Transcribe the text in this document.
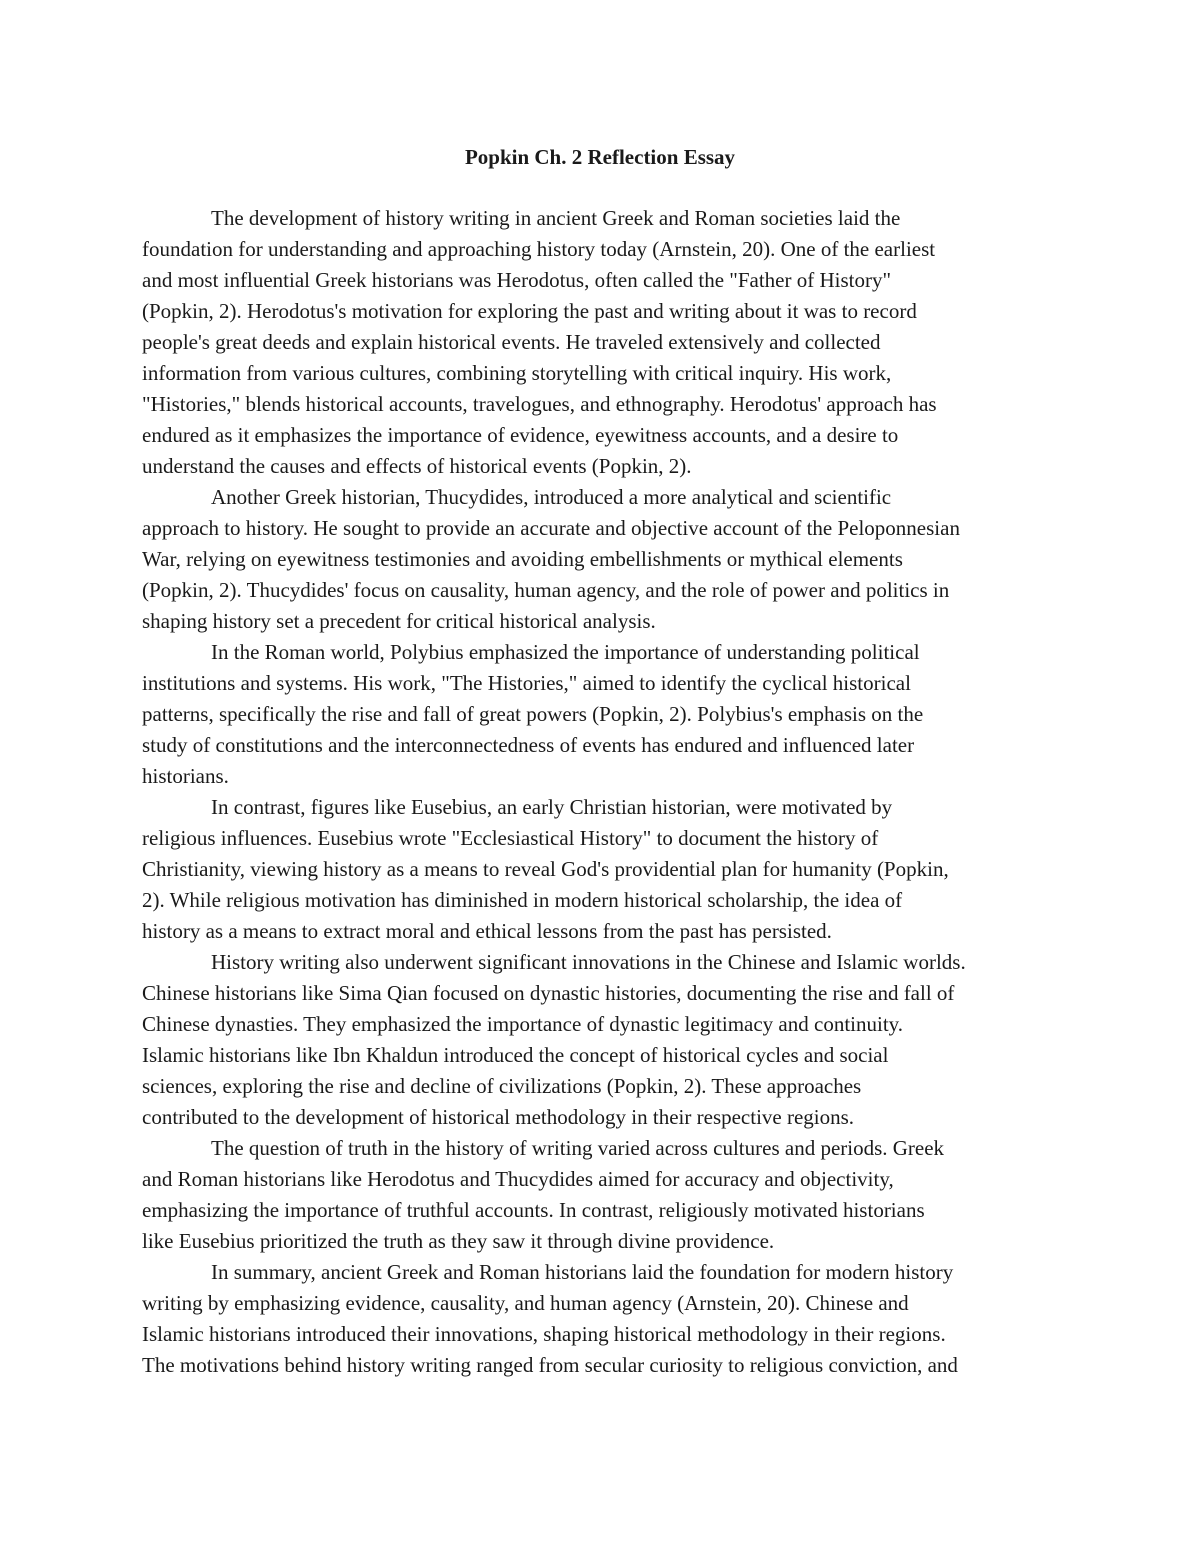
Popkin Ch. 2 Reflection Essay
The development of history writing in ancient Greek and Roman societies laid the
foundation for understanding and approaching history today (Arnstein, 20). One of the earliest
and most influential Greek historians was Herodotus, often called the "Father of History"
(Popkin, 2). Herodotus's motivation for exploring the past and writing about it was to record
people's great deeds and explain historical events. He traveled extensively and collected
information from various cultures, combining storytelling with critical inquiry. His work,
"Histories," blends historical accounts, travelogues, and ethnography. Herodotus' approach has
endured as it emphasizes the importance of evidence, eyewitness accounts, and a desire to
understand the causes and effects of historical events (Popkin, 2).
Another Greek historian, Thucydides, introduced a more analytical and scientific
approach to history. He sought to provide an accurate and objective account of the Peloponnesian
War, relying on eyewitness testimonies and avoiding embellishments or mythical elements
(Popkin, 2). Thucydides' focus on causality, human agency, and the role of power and politics in
shaping history set a precedent for critical historical analysis.
In the Roman world, Polybius emphasized the importance of understanding political
institutions and systems. His work, "The Histories," aimed to identify the cyclical historical
patterns, specifically the rise and fall of great powers (Popkin, 2). Polybius's emphasis on the
study of constitutions and the interconnectedness of events has endured and influenced later
historians.
In contrast, figures like Eusebius, an early Christian historian, were motivated by
religious influences. Eusebius wrote "Ecclesiastical History" to document the history of
Christianity, viewing history as a means to reveal God's providential plan for humanity (Popkin,
2). While religious motivation has diminished in modern historical scholarship, the idea of
history as a means to extract moral and ethical lessons from the past has persisted.
History writing also underwent significant innovations in the Chinese and Islamic worlds.
Chinese historians like Sima Qian focused on dynastic histories, documenting the rise and fall of
Chinese dynasties. They emphasized the importance of dynastic legitimacy and continuity.
Islamic historians like Ibn Khaldun introduced the concept of historical cycles and social
sciences, exploring the rise and decline of civilizations (Popkin, 2). These approaches
contributed to the development of historical methodology in their respective regions.
The question of truth in the history of writing varied across cultures and periods. Greek
and Roman historians like Herodotus and Thucydides aimed for accuracy and objectivity,
emphasizing the importance of truthful accounts. In contrast, religiously motivated historians
like Eusebius prioritized the truth as they saw it through divine providence.
In summary, ancient Greek and Roman historians laid the foundation for modern history
writing by emphasizing evidence, causality, and human agency (Arnstein, 20). Chinese and
Islamic historians introduced their innovations, shaping historical methodology in their regions.
The motivations behind history writing ranged from secular curiosity to religious conviction, and
